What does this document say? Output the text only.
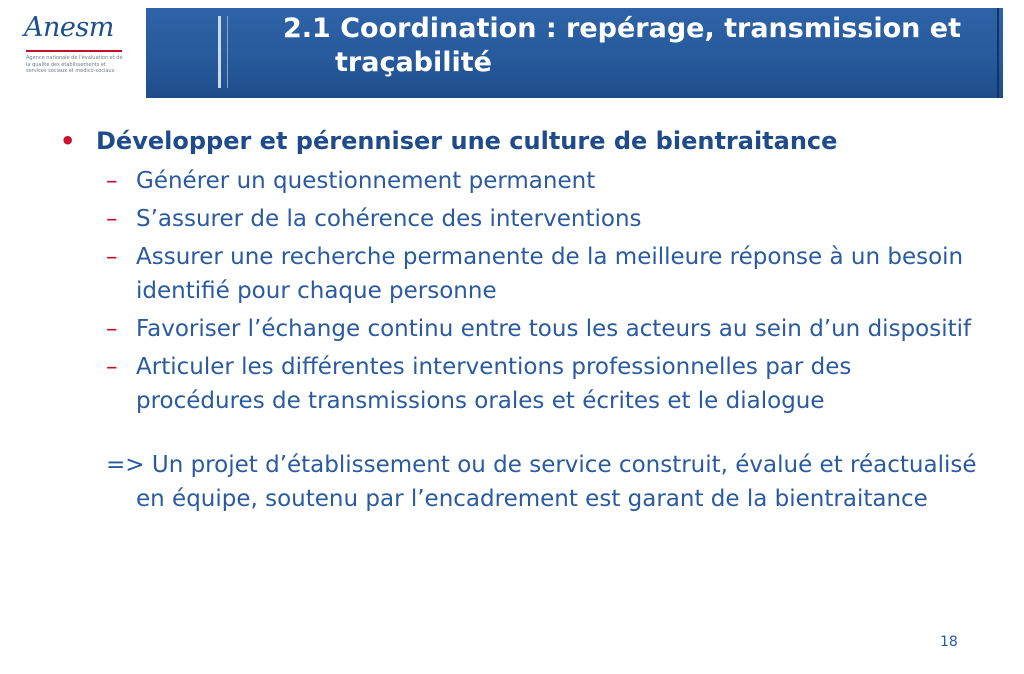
Anesm
Agence nationale de l'évaluation et de la qualité des établissements et services sociaux et médico-sociaux
2.1 Coordination : repérage, transmission et
traçabilité
• Développer et pérenniser une culture de bientraitance
– Générer un questionnement permanent
– S’assurer de la cohérence des interventions
– Assurer une recherche permanente de la meilleure réponse à un besoin identifié pour chaque personne
– Favoriser l’échange continu entre tous les acteurs au sein d’un dispositif
– Articuler les différentes interventions professionnelles par des procédures de transmissions orales et écrites et le dialogue
=> Un projet d’établissement ou de service construit, évalué et réactualisé en équipe, soutenu par l’encadrement est garant de la bientraitance
18
